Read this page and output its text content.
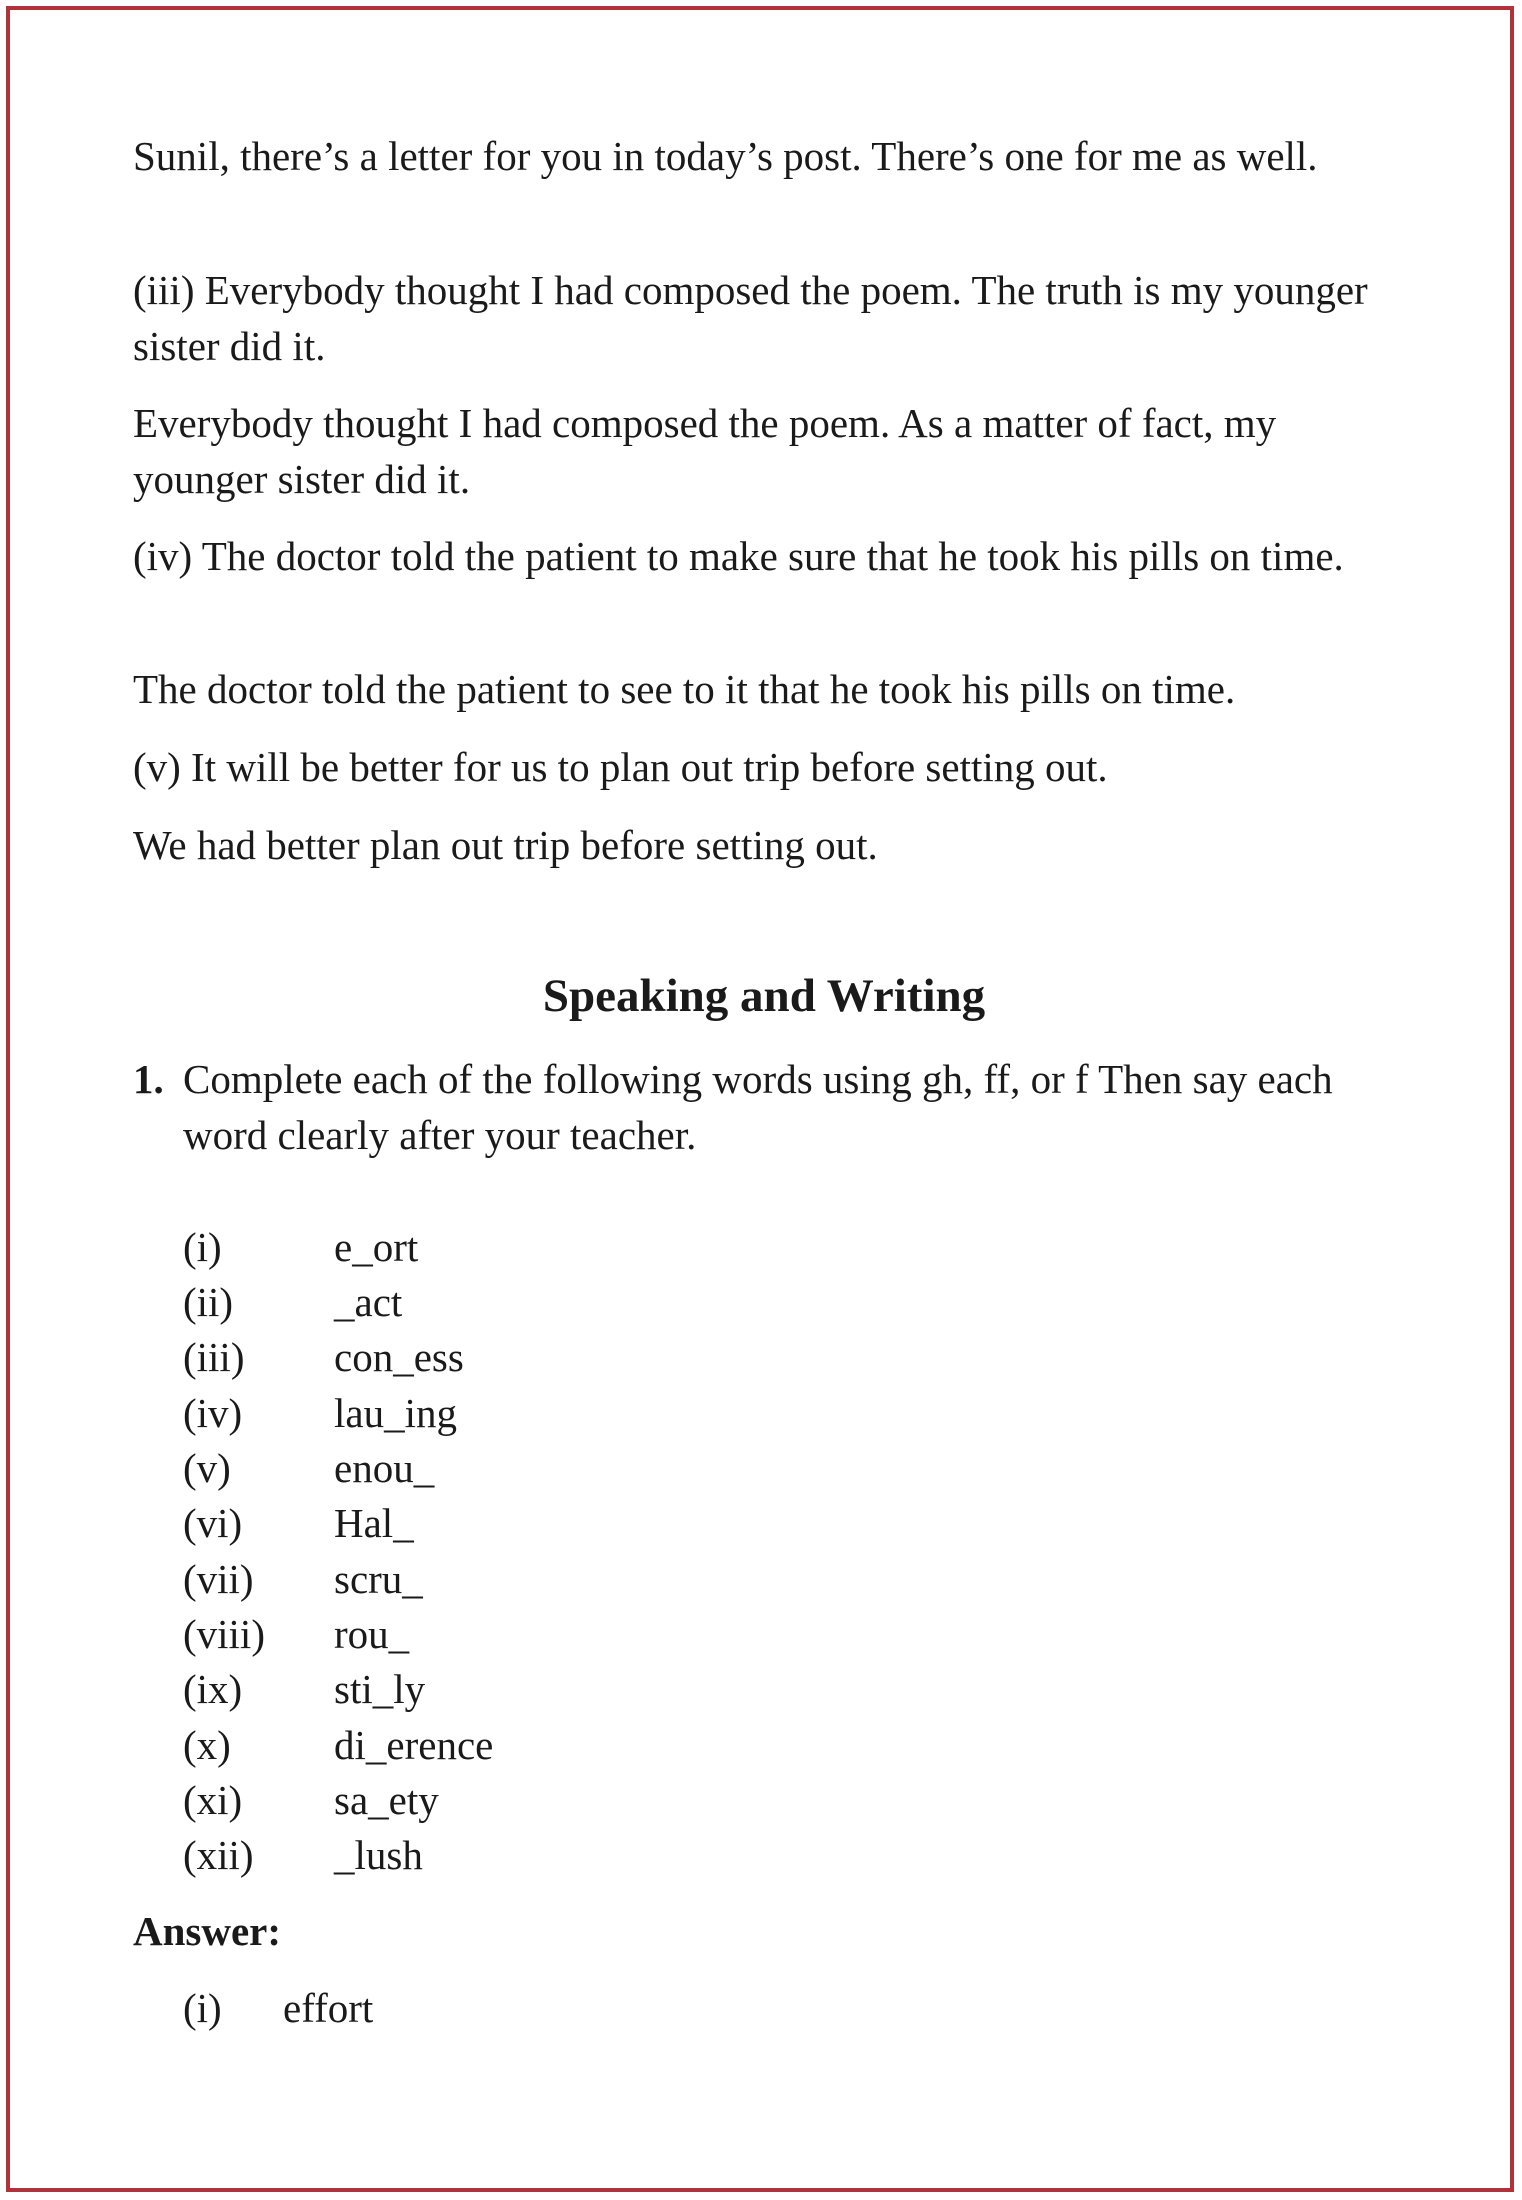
Sunil, there’s a letter for you in today’s post. There’s one for me as well.

(iii) Everybody thought I had composed the poem. The truth is my younger sister did it.

Everybody thought I had composed the poem. As a matter of fact, my younger sister did it.

(iv) The doctor told the patient to make sure that he took his pills on time.

The doctor told the patient to see to it that he took his pills on time.

(v) It will be better for us to plan out trip before setting out.

We had better plan out trip before setting out.

Speaking and Writing
1. Complete each of the following words using gh, ff, or f Then say each word clearly after your teacher.
(i)	e_ort
(ii) _act
(iii) con_ess
(iv) lau_ing
(v)	enou_
(vi) Hal_
(vii) scru_
(viii) rou_
(ix) sti_ly
(x)	di_erence
(xi) sa_ety
(xii) _lush
Answer:
(i) effort
